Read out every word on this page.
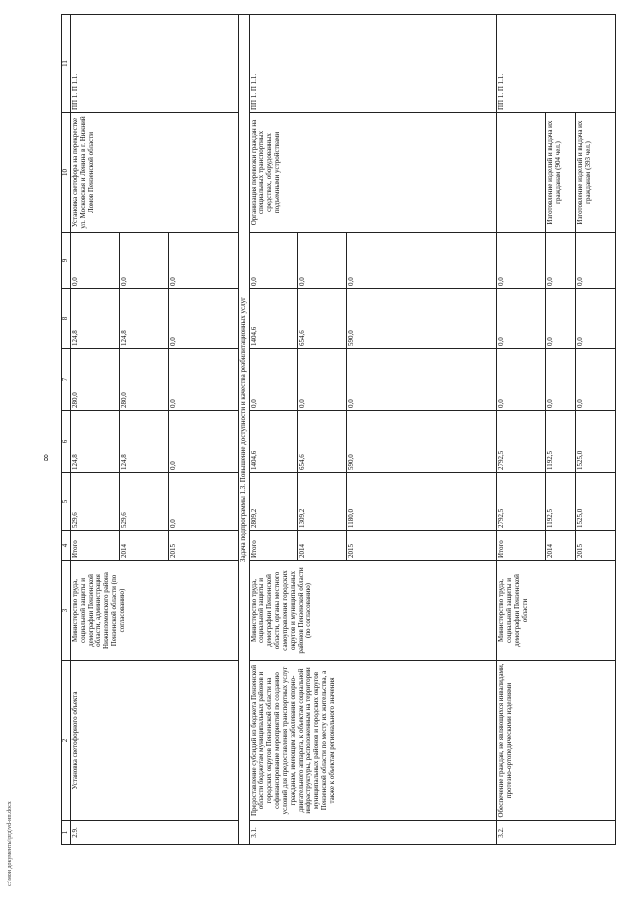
8
c:\мои документы\ргд\vd-нп.docx	1	2	3	4	5	6	7	8	9	10	11
2.9.	Установка светофорного объекта	Министерство труда, социальной защиты и демографии Пензенской области, администрация Нижнеломовского района Пензенской области (по согласованию)	Итого	529,6	124,8	280,0	124,8	0,0	Установка светофора на перекрестке ул. Московская и Ленина в г. Нижний Ломов Пензенской области	ПП 1. П 1.1.
			2014	529,6	124,8	280,0	124,8	0,0		
			2015	0,0	0,0	0,0	0,0	0,0		
Задача подпрограммы 1.3. Повышение доступности и качества реабилитационных услуг										
3.1.	Предоставление субсидий из бюджета Пензенской области бюджетам муниципальных районов и городских округов Пензенской области на софинансирование мероприятий по созданию условий для предоставления транспортных услуг гражданам, имеющим заболевания опорно-двигательного аппарата, к объектам социальной инфраструктуры, расположенным на территории муниципальных районов и городских округов Пензенской области по месту их жительства, а также к объектам регионального значения	Министерство труда, социальной защиты и демографии Пензенской области, органы местного самоуправления городских округов и муниципальных районов Пензенской области (по согласованию)	Итого	2809,2	1404,6	0,0	1404,6	0,0	Организация перевозки граждан на специальных транспортных средствах, оборудованных подъемными устройствами	ПП 1. П 1.1.
			2014	1309,2	654,6	0,0	654,6	0,0		
			2015	1180,0	590,0	0,0	590,0	0,0		
3.2.	Обеспечение граждан, не являющихся инвалидами, протезно-ортопедическими изделиями	Министерство труда, социальной защиты и демографии Пензенской области	Итого	2792,5	2792,5	0,0	0,0	0,0		ПП 1. П 1.1.
			2014	1192,5	1192,5	0,0	0,0	0,0	Изготовление изделий и выдача их гражданам (904 чел.)	
			2015	1525,0	1525,0	0,0	0,0	0,0	Изготовление изделий и выдача их гражданам (393 чел.)	
